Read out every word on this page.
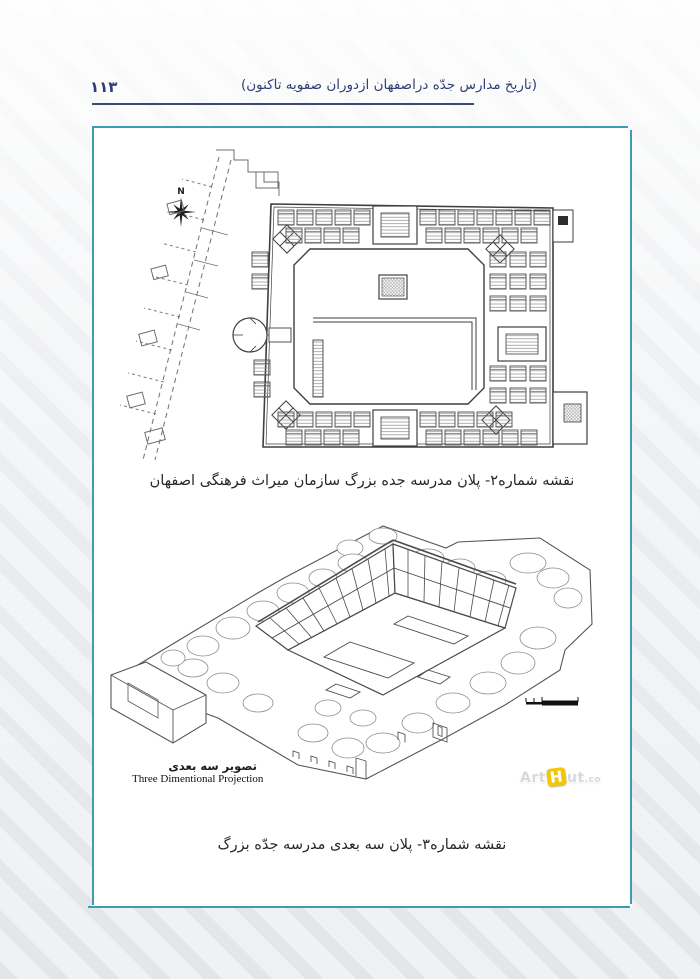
۱۱۳	(تاریخ مدارس جدّه دراصفهان ازدوران صفویه تاکنون)
N
نقشه شماره۲- پلان مدرسه جده بزرگ سازمان میراث فرهنگی اصفهان
تصویر سه بعدی
Three Dimentional Projection	Art H ut.co
نقشه شماره۳- پلان سه بعدی مدرسه جدّه بزرگ
